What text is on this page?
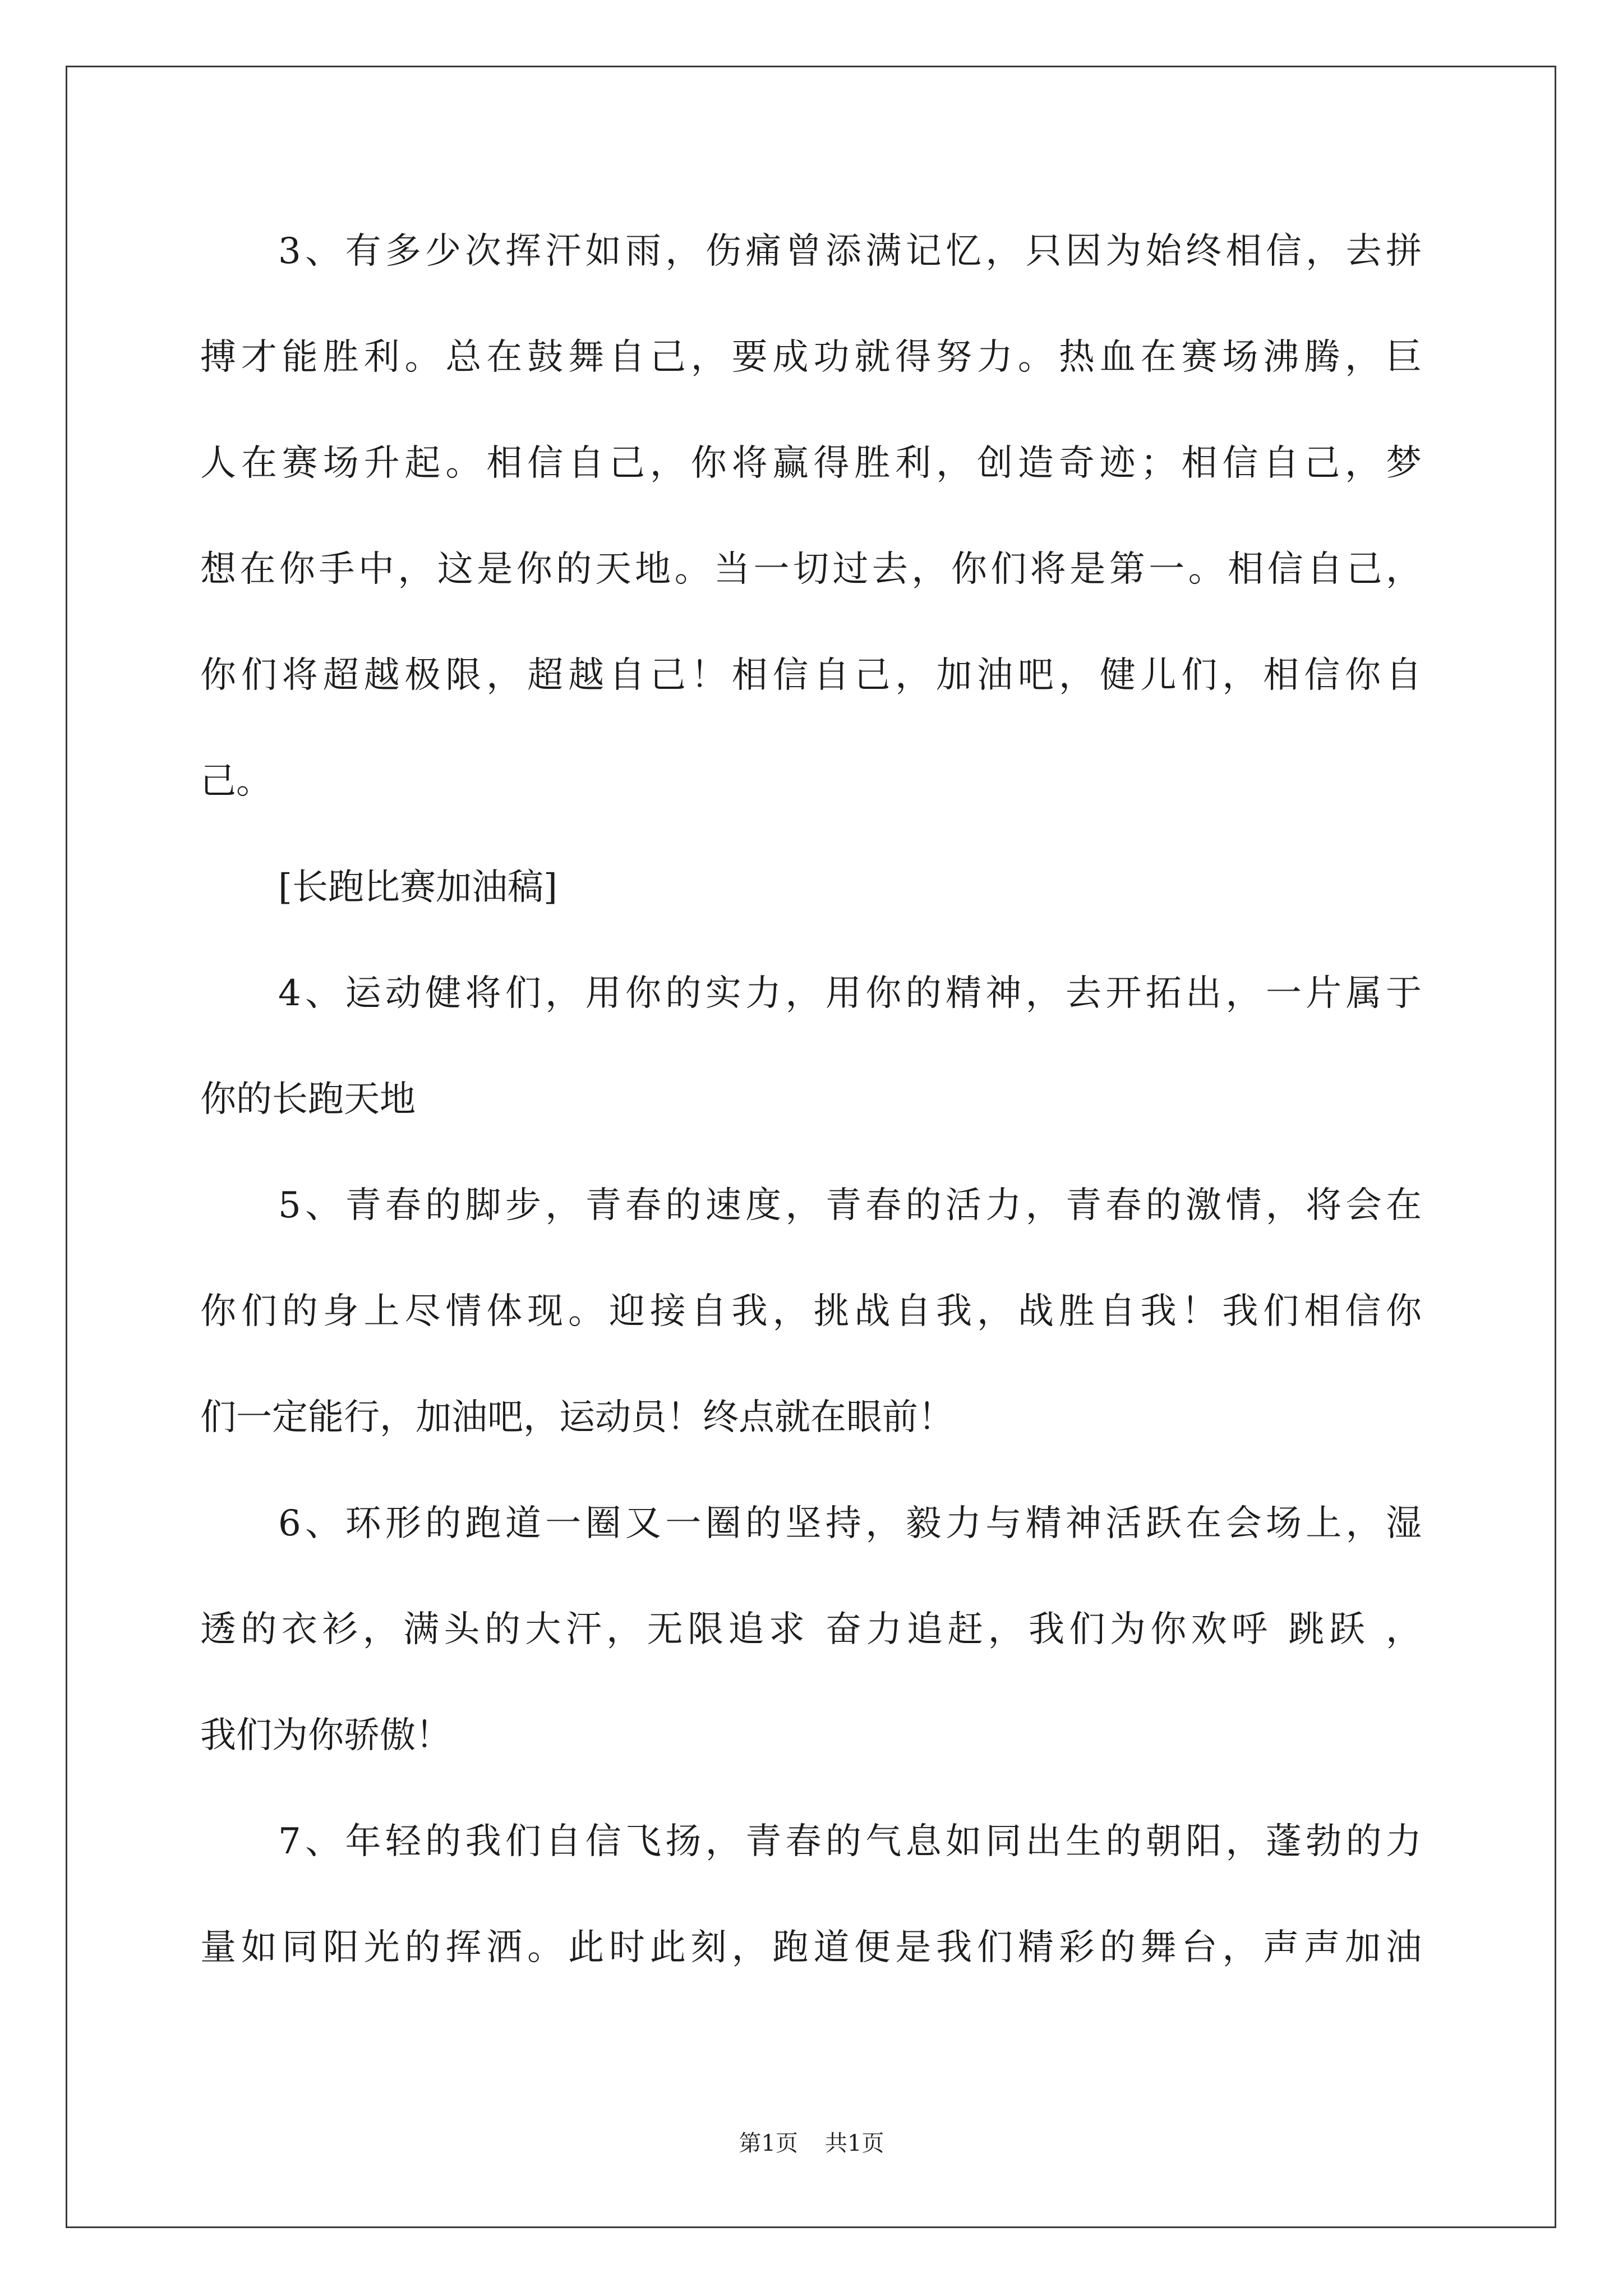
3、有多少次挥汗如雨，伤痛曾添满记忆，只因为始终相信，去拼
搏才能胜利。总在鼓舞自己，要成功就得努力。热血在赛场沸腾，巨
人在赛场升起。相信自己，你将赢得胜利，创造奇迹；相信自己，梦
想在你手中，这是你的天地。当一切过去，你们将是第一。相信自己，
你们将超越极限，超越自己！相信自己，加油吧，健儿们，相信你自
己。
[长跑比赛加油稿]
4、运动健将们，用你的实力，用你的精神，去开拓出，一片属于
你的长跑天地
5、青春的脚步，青春的速度，青春的活力，青春的激情，将会在
你们的身上尽情体现。迎接自我，挑战自我，战胜自我！我们相信你
们一定能行，加油吧，运动员！终点就在眼前！
6、环形的跑道一圈又一圈的坚持，毅力与精神活跃在会场上，湿
透的衣衫，满头的大汗，无限追求 奋力追赶，我们为你欢呼 跳跃 ，
我们为你骄傲！
7、年轻的我们自信飞扬，青春的气息如同出生的朝阳，蓬勃的力
量如同阳光的挥洒。此时此刻，跑道便是我们精彩的舞台，声声加油
第1页 共1页
